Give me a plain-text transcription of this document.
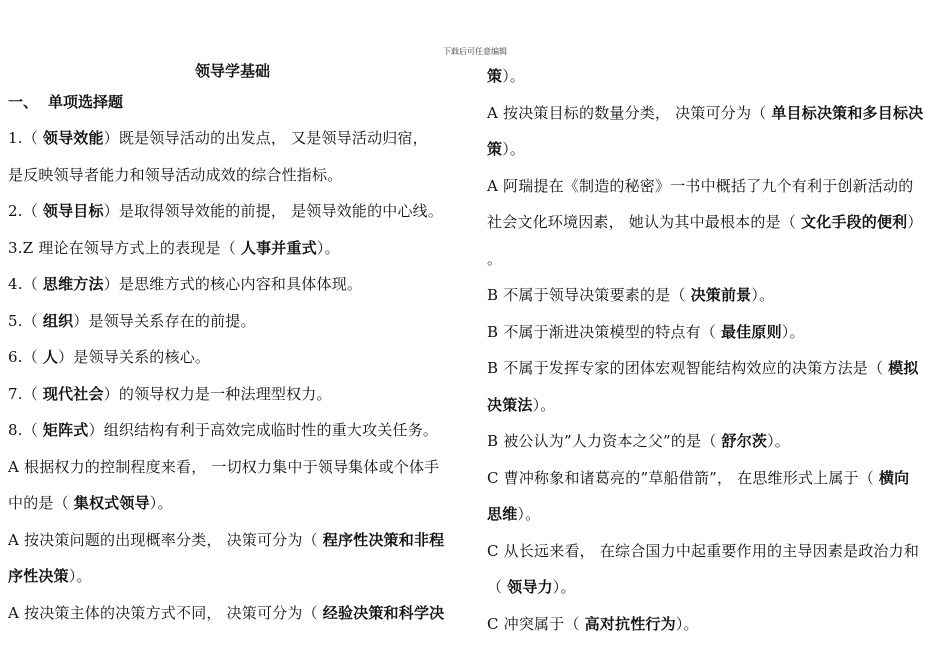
下载后可任意编辑
领导学基础
一、 单项选择题
1.（ 领导效能）既是领导活动的出发点， 又是领导活动归宿，
是反映领导者能力和领导活动成效的综合性指标。
2.（ 领导目标）是取得领导效能的前提， 是领导效能的中心线。
3.Z 理论在领导方式上的表现是（ 人事并重式）。
4.（ 思维方法）是思维方式的核心内容和具体体现。
5.（ 组织）是领导关系存在的前提。
6.（ 人）是领导关系的核心。
7.（ 现代社会）的领导权力是一种法理型权力。
8.（ 矩阵式）组织结构有利于高效完成临时性的重大攻关任务。
A 根据权力的控制程度来看， 一切权力集中于领导集体或个体手
中的是（ 集权式领导）。
A 按决策问题的出现概率分类， 决策可分为（ 程序性决策和非程
序性决策）。
A 按决策主体的决策方式不同， 决策可分为（ 经验决策和科学决
策）。
A 按决策目标的数量分类， 决策可分为（ 单目标决策和多目标决
策）。
A 阿瑞提在《制造的秘密》一书中概括了九个有利于创新活动的
社会文化环境因素， 她认为其中最根本的是（ 文化手段的便利）
。
B 不属于领导决策要素的是（ 决策前景）。
B 不属于渐进决策模型的特点有（ 最佳原则）。
B 不属于发挥专家的团体宏观智能结构效应的决策方法是（ 模拟
决策法）。
B 被公认为”人力资本之父”的是（ 舒尔茨）。
C 曹冲称象和诸葛亮的”草船借箭”， 在思维形式上属于（ 横向
思维）。
C 从长远来看， 在综合国力中起重要作用的主导因素是政治力和
（ 领导力）。
C 冲突属于（ 高对抗性行为）。
